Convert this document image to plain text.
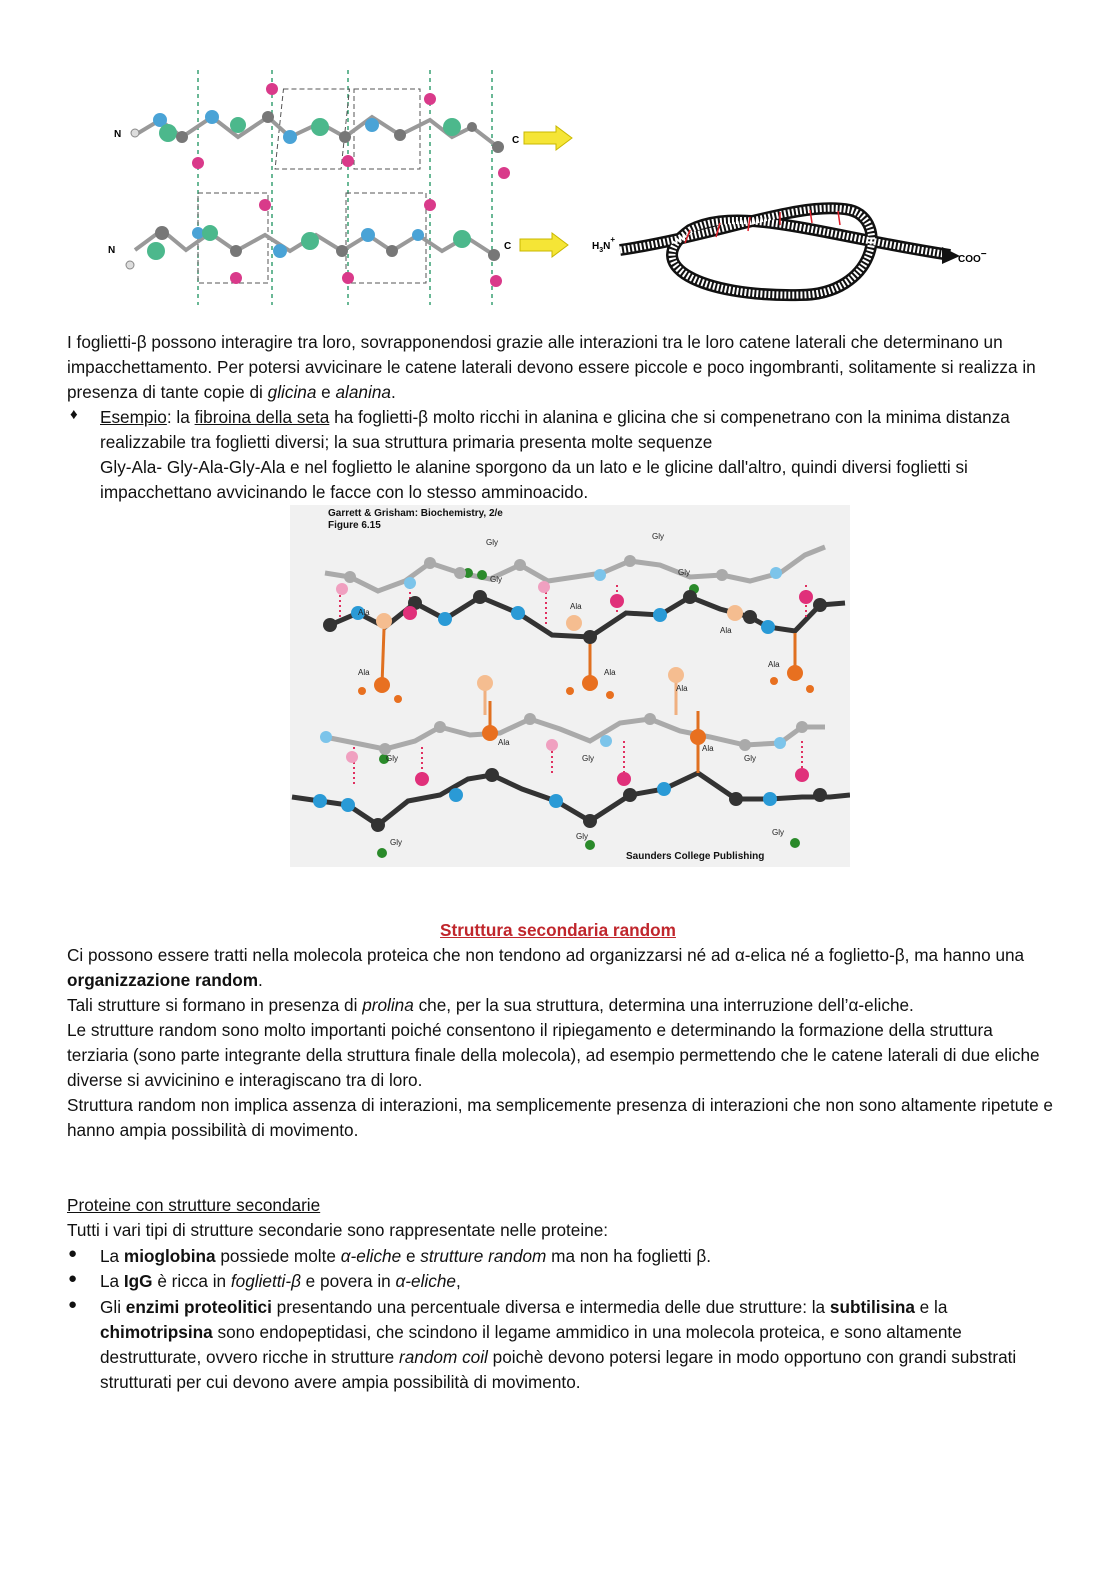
N
C
N	C	$H_3N^+$
COO−
I foglietti-β possono interagire tra loro, sovrapponendosi grazie alle interazioni tra le loro catene laterali che determinano un impacchettamento. Per potersi avvicinare le catene laterali devono essere piccole e poco ingombranti, solitamente si realizza in presenza di tante copie di glicina e alanina.
♦ Esempio: la fibroina della seta ha foglietti-β molto ricchi in alanina e glicina che si compenetrano con la minima distanza realizzabile tra foglietti diversi; la sua struttura primaria presenta molte sequenze
Gly-Ala- Gly-Ala-Gly-Ala e nel foglietto le alanine sporgono da un lato e le glicine dall'altro, quindi diversi foglietti si impacchettano avvicinando le facce con lo stesso amminoacido.
Garrett & Grisham: Biochemistry, 2/e
Figure 6.15
Gly
Gly
Gly
Gly
Gly	Gly	Gly
Gly
Gly	Gly
Ala
Ala
Ala
Ala	Ala
Ala
Ala
Ala
Ala
Saunders College Publishing
Struttura secondaria random
Ci possono essere tratti nella molecola proteica che non tendono ad organizzarsi né ad α-elica né a foglietto-β, ma hanno una organizzazione random.
Tali strutture si formano in presenza di prolina che, per la sua struttura, determina una interruzione dell’α-eliche.
Le strutture random sono molto importanti poiché consentono il ripiegamento e determinando la formazione della struttura terziaria (sono parte integrante della struttura finale della molecola), ad esempio permettendo che le catene laterali di due eliche diverse si avvicinino e interagiscano tra di loro.
Struttura random non implica assenza di interazioni, ma semplicemente presenza di interazioni che non sono altamente ripetute e hanno ampia possibilità di movimento.
Proteine con strutture secondarie
Tutti i vari tipi di strutture secondarie sono rappresentate nelle proteine:
● La mioglobina possiede molte α-eliche e strutture random ma non ha foglietti β.
● La IgG è ricca in foglietti-β e povera in α-eliche,
● Gli enzimi proteolitici presentando una percentuale diversa e intermedia delle due strutture: la subtilisina e la chimotripsina sono endopeptidasi, che scindono il legame ammidico in una molecola proteica, e sono altamente destrutturate, ovvero ricche in strutture random coil poichè devono potersi legare in modo opportuno con grandi substrati strutturati per cui devono avere ampia possibilità di movimento.
